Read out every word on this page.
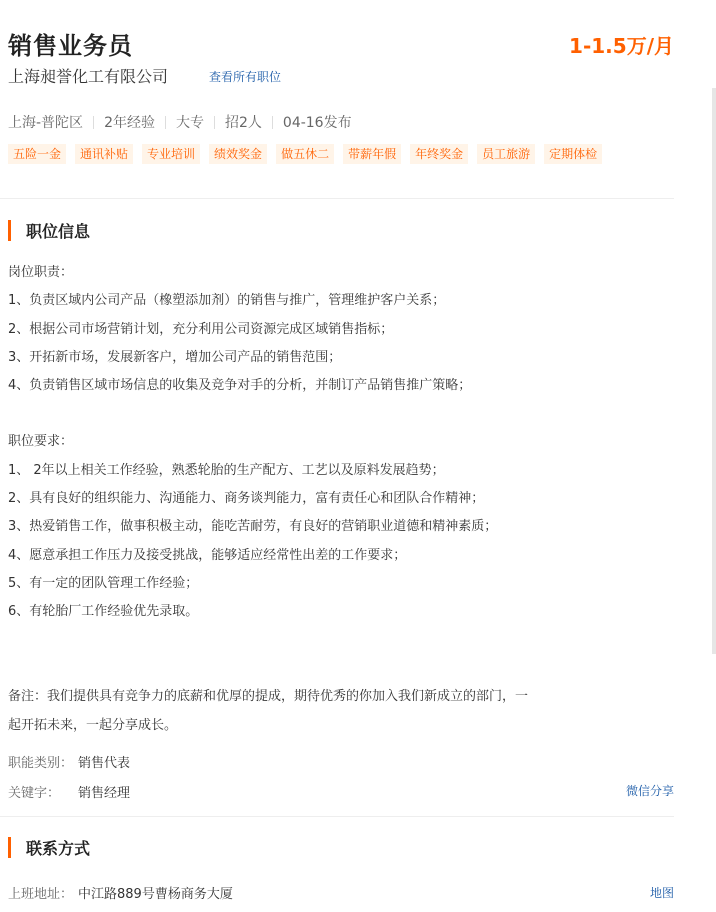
销售业务员	1-1.5万/月
上海昶誉化工有限公司	查看所有职位
上海-普陀区 2年经验 大专 招2人 04-16发布
五险一金	通讯补贴	专业培训	绩效奖金	做五休二	带薪年假	年终奖金	员工旅游	定期体检
职位信息
岗位职责：
1、负责区域内公司产品（橡塑添加剂）的销售与推广，管理维护客户关系；
2、根据公司市场营销计划，充分利用公司资源完成区域销售指标；
3、开拓新市场，发展新客户，增加公司产品的销售范围；
4、负责销售区域市场信息的收集及竞争对手的分析，并制订产品销售推广策略；
职位要求：
1、 2年以上相关工作经验，熟悉轮胎的生产配方、工艺以及原料发展趋势；
2、具有良好的组织能力、沟通能力、商务谈判能力，富有责任心和团队合作精神；
3、热爱销售工作，做事积极主动，能吃苦耐劳，有良好的营销职业道德和精神素质；
4、愿意承担工作压力及接受挑战，能够适应经常性出差的工作要求；
5、有一定的团队管理工作经验；
6、有轮胎厂工作经验优先录取。
备注：我们提供具有竞争力的底薪和优厚的提成，期待优秀的你加入我们新成立的部门，一起开拓未来，一起分享成长。
职能类别： 销售代表
关键字：	销售经理	微信分享
联系方式
上班地址： 中江路889号曹杨商务大厦	地图
